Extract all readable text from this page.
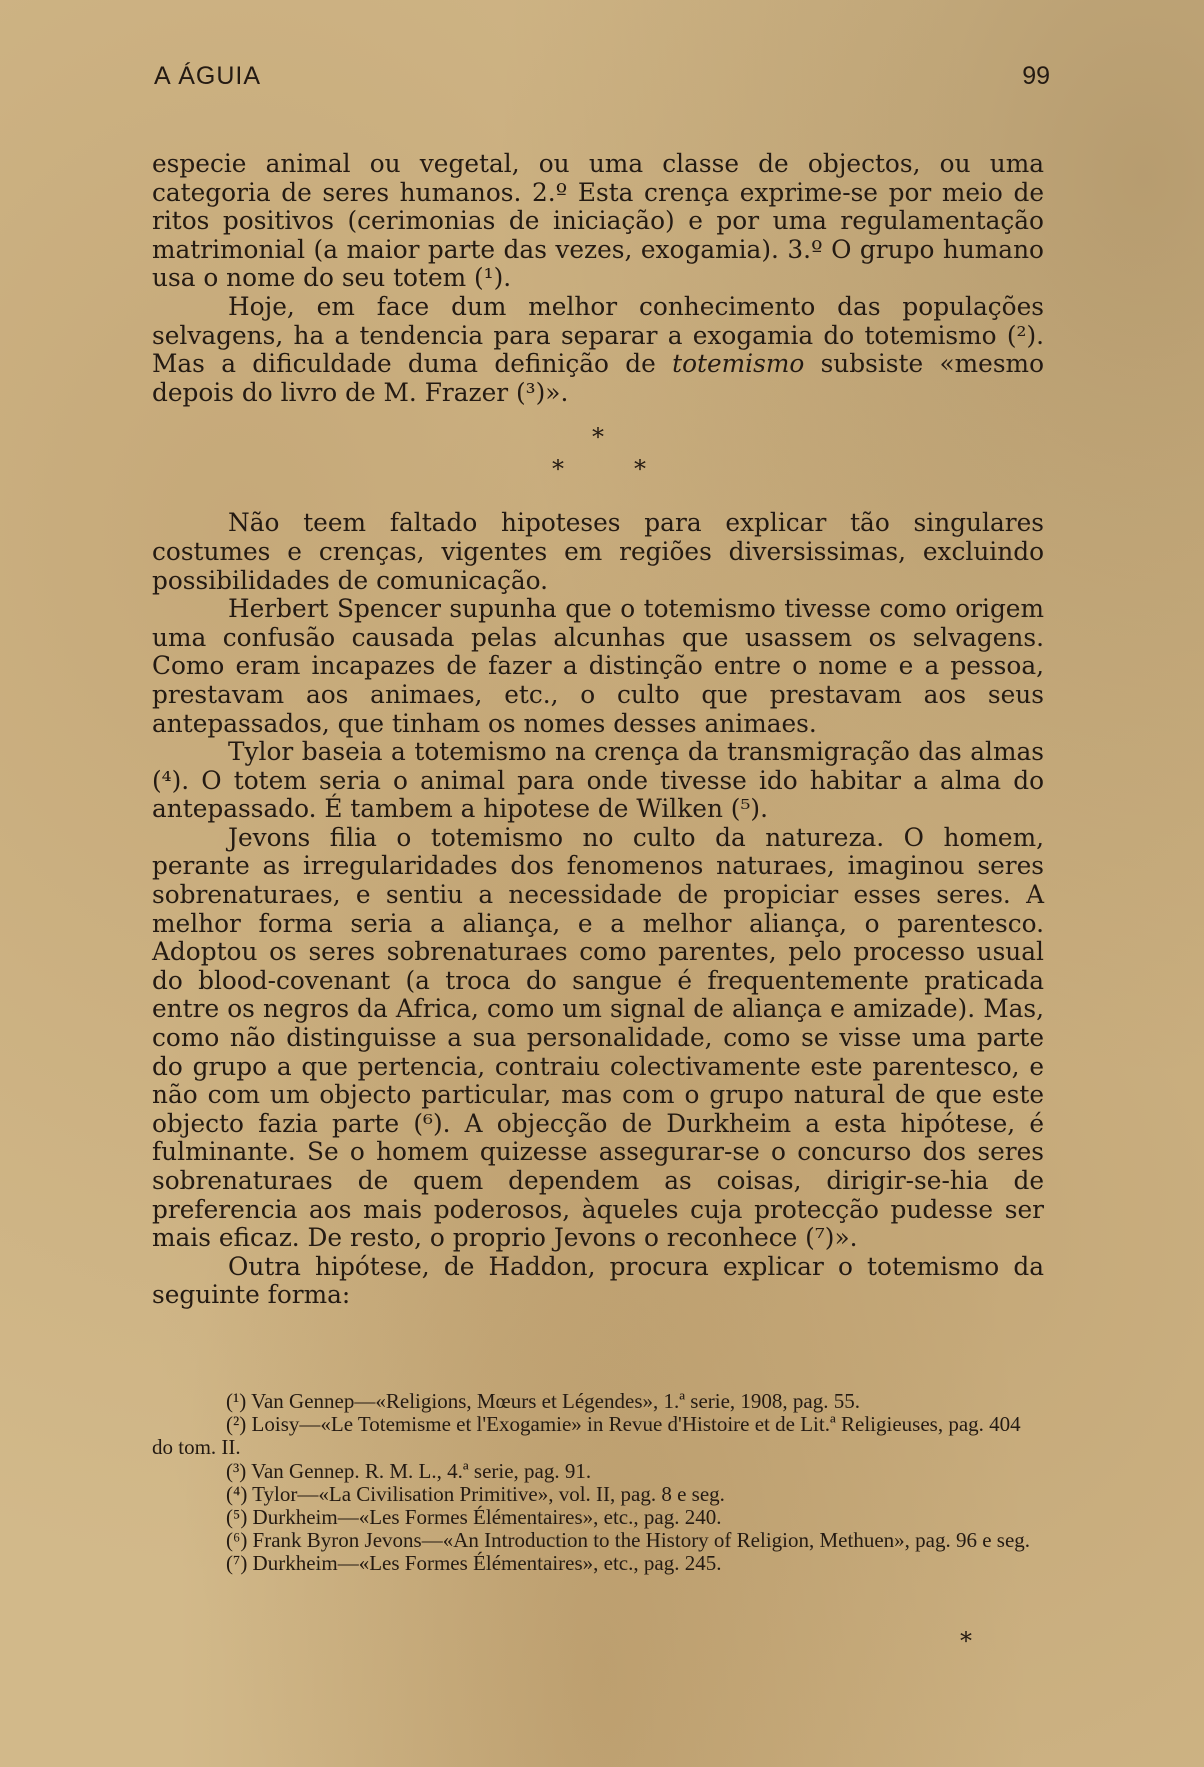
A ÁGUIA	99

especie animal ou vegetal, ou uma classe de objectos, ou uma categoria de seres humanos. 2.º Esta crença exprime-se por meio de ritos positivos (cerimonias de iniciação) e por uma regulamentação matrimonial (a maior parte das vezes, exogamia). 3.º O grupo humano usa o nome do seu totem (¹).

Hoje, em face dum melhor conhecimento das populações selvagens, ha a tendencia para separar a exogamia do totemismo (²). Mas a dificuldade duma definição de totemismo subsiste «mesmo depois do livro de M. Frazer (³)».

*
*	*

Não teem faltado hipoteses para explicar tão singulares costumes e crenças, vigentes em regiões diversissimas, excluindo possibilidades de comunicação.

Herbert Spencer supunha que o totemismo tivesse como origem uma confusão causada pelas alcunhas que usassem os selvagens. Como eram incapazes de fazer a distinção entre o nome e a pessoa, prestavam aos animaes, etc., o culto que prestavam aos seus antepassados, que tinham os nomes desses animaes.

Tylor baseia a totemismo na crença da transmigração das almas (⁴). O totem seria o animal para onde tivesse ido habitar a alma do antepassado. É tambem a hipotese de Wilken (⁵).

Jevons filia o totemismo no culto da natureza. O homem, perante as irregularidades dos fenomenos naturaes, imaginou seres sobrenaturaes, e sentiu a necessidade de propiciar esses seres. A melhor forma seria a aliança, e a melhor aliança, o parentesco. Adoptou os seres sobrenaturaes como parentes, pelo processo usual do blood-covenant (a troca do sangue é frequentemente praticada entre os negros da Africa, como um signal de aliança e amizade). Mas, como não distinguisse a sua personalidade, como se visse uma parte do grupo a que pertencia, contraiu colectivamente este parentesco, e não com um objecto particular, mas com o grupo natural de que este objecto fazia parte (⁶). A objecção de Durkheim a esta hipótese, é fulminante. Se o homem quizesse assegurar-se o concurso dos seres sobrenaturaes de quem dependem as coisas, dirigir-se-hia de preferencia aos mais poderosos, àqueles cuja protecção pudesse ser mais eficaz. De resto, o proprio Jevons o reconhece (⁷)».

Outra hipótese, de Haddon, procura explicar o totemismo da seguinte forma:

(¹) Van Gennep—«Religions, Mœurs et Légendes», 1.ª serie, 1908, pag. 55.

(²) Loisy—«Le Totemisme et l'Exogamie» in Revue d'Histoire et de Lit.ª Religieuses, pag. 404 do tom. II.

(³) Van Gennep. R. M. L., 4.ª serie, pag. 91.

(⁴) Tylor—«La Civilisation Primitive», vol. II, pag. 8 e seg.

(⁵) Durkheim—«Les Formes Élémentaires», etc., pag. 240.

(⁶) Frank Byron Jevons—«An Introduction to the History of Religion, Methuen», pag. 96 e seg.

(⁷) Durkheim—«Les Formes Élémentaires», etc., pag. 245.

*
